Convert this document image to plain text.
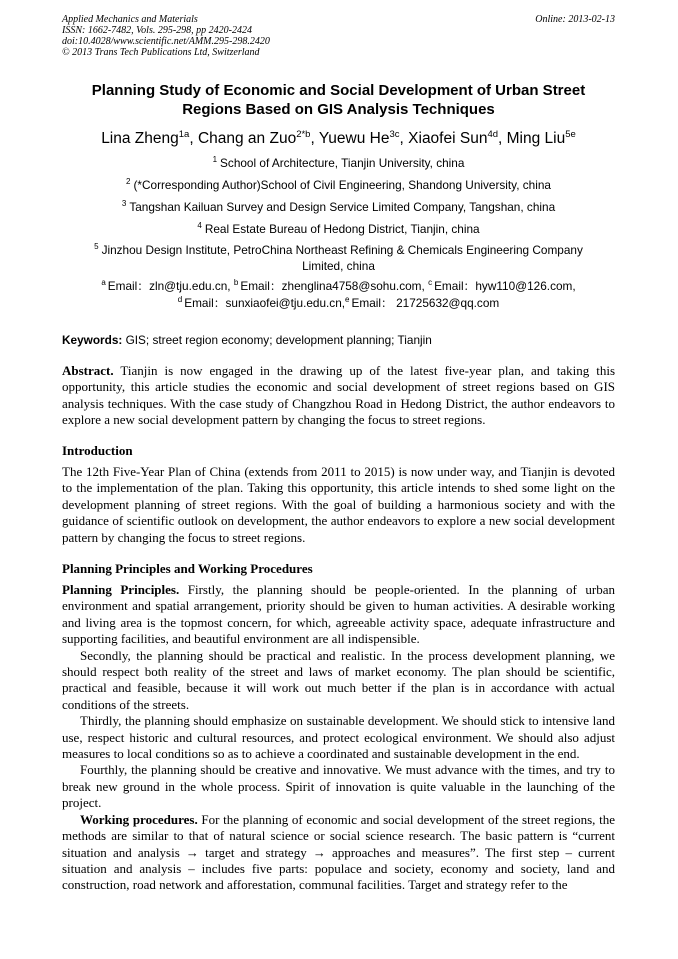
Applied Mechanics and Materials
ISSN: 1662-7482, Vols. 295-298, pp 2420-2424
doi:10.4028/www.scientific.net/AMM.295-298.2420
© 2013 Trans Tech Publications Ltd, Switzerland
Online: 2013-02-13
Planning Study of Economic and Social Development of Urban Street
Regions Based on GIS Analysis Techniques
Lina Zheng$^{1a}$, Chang an Zuo$^{2*b}$, Yuewu $He^{3c}$, Xiaofei Sun$^{4d}$, Ming Liu$^{5e}$
$^1$ School of Architecture, Tianjin University, china
$^2$ (*Corresponding Author)School of Civil Engineering, Shandong University, china
$^3$ Tangshan Kailuan Survey and Design Service Limited Company, Tangshan, china
$^4$ Real Estate Bureau of Hedong District, Tianjin, china
$^5$ Jinzhou Design Institute, PetroChina Northeast Refining & Chemicals Engineering Company Limited, china
$^a$ Email：zln@tju.edu.cn, $^b$ Email：zhenglina4758@sohu.com, $^c$ Email：hyw110@126.com,
$^d$ Email：sunxiaofei@tju.edu.cn,$^e$ Email： 21725632@qq.com
Keywords: GIS; street region economy; development planning; Tianjin

Abstract. Tianjin is now engaged in the drawing up of the latest five-year plan, and taking this opportunity, this article studies the economic and social development of street regions based on GIS analysis techniques. With the case study of Changzhou Road in Hedong District, the author endeavors to explore a new social development pattern by changing the focus to street regions.

Introduction

The 12th Five-Year Plan of China (extends from 2011 to 2015) is now under way, and Tianjin is devoted to the implementation of the plan. Taking this opportunity, this article intends to shed some light on the development planning of street regions. With the goal of building a harmonious society and with the guidance of scientific outlook on development, the author endeavors to explore a new social development pattern by changing the focus to street regions.

Planning Principles and Working Procedures

Planning Principles. Firstly, the planning should be people-oriented. In the planning of urban environment and spatial arrangement, priority should be given to human activities. A desirable working and living area is the topmost concern, for which, agreeable activity space, adequate infrastructure and supporting facilities, and beautiful environment are all indispensible.

Secondly, the planning should be practical and realistic. In the process development planning, we should respect both reality of the street and laws of market economy. The plan should be scientific, practical and feasible, because it will work out much better if the plan is in accordance with actual conditions of the streets.

Thirdly, the planning should emphasize on sustainable development. We should stick to intensive land use, respect historic and cultural resources, and protect ecological environment. We should also adjust measures to local conditions so as to achieve a coordinated and sustainable development in the end.

Fourthly, the planning should be creative and innovative. We must advance with the times, and try to break new ground in the whole process. Spirit of innovation is quite valuable in the launching of the project.

Working procedures. For the planning of economic and social development of the street regions, the methods are similar to that of natural science or social science research. The basic pattern is “current situation and analysis → target and strategy → approaches and measures”. The first step – current situation and analysis – includes five parts: populace and society, economy and society, land and construction, road network and afforestation, communal facilities. Target and strategy refer to the
